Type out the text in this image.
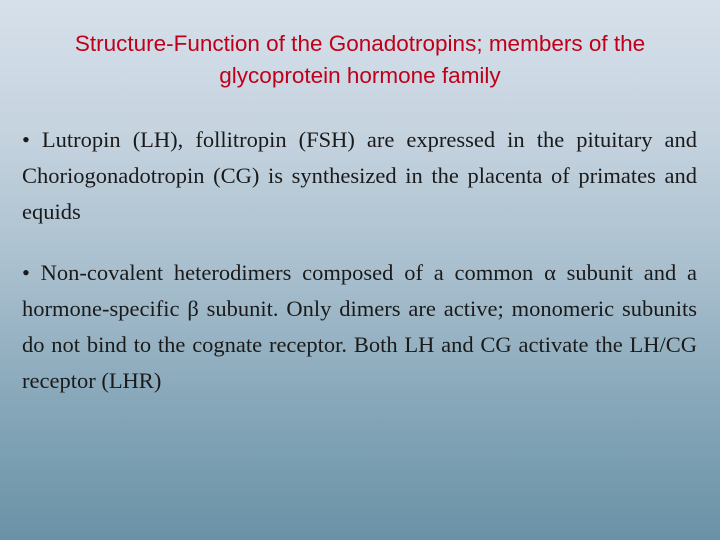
Structure-Function of the Gonadotropins; members of the glycoprotein hormone family
• Lutropin (LH), follitropin (FSH) are expressed in the pituitary and Choriogonadotropin (CG) is synthesized in the placenta of primates and equids
• Non-covalent heterodimers composed of a common α subunit and a hormone-specific β subunit. Only dimers are active; monomeric subunits do not bind to the cognate receptor. Both LH and CG activate the LH/CG receptor (LHR)
